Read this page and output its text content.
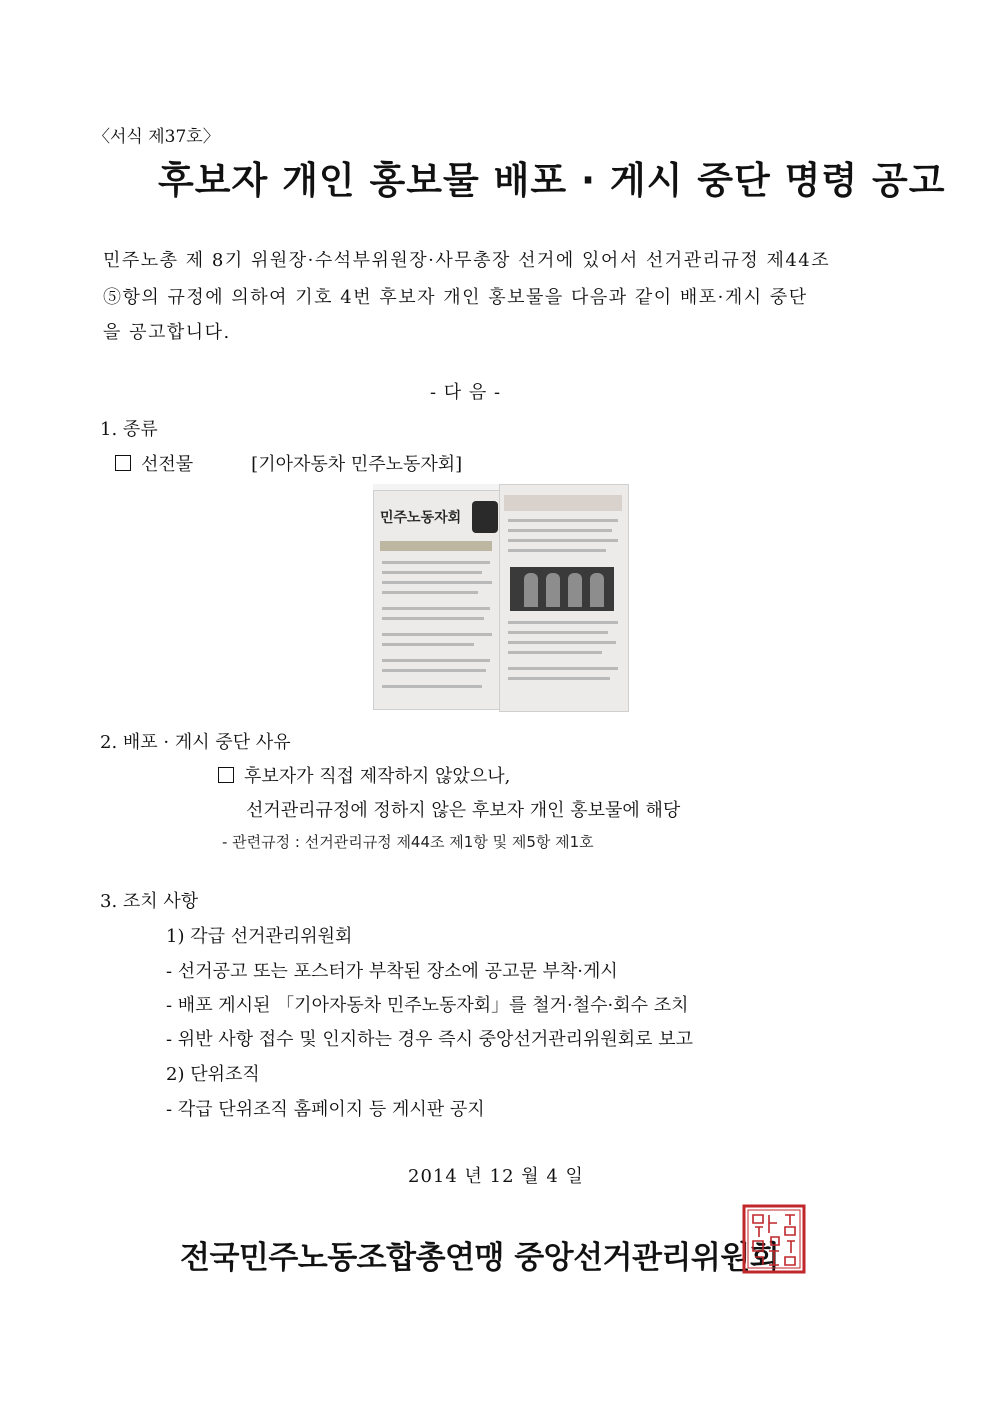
〈서식 제37호〉
후보자 개인 홍보물 배포 · 게시 중단 명령 공고
민주노총 제 8기 위원장·수석부위원장·사무총장 선거에 있어서 선거관리규정 제44조
⑤항의 규정에 의하여 기호 4번 후보자 개인 홍보물을 다음과 같이 배포·게시 중단
을 공고합니다.
- 다 음 -
1. 종류
선전물	[기아자동차 민주노동자회]
민주노동자회
2. 배포 · 게시 중단 사유
후보자가 직접 제작하지 않았으나,
선거관리규정에 정하지 않은 후보자 개인 홍보물에 해당
- 관련규정 : 선거관리규정 제44조 제1항 및 제5항 제1호
3. 조치 사항
1) 각급 선거관리위원회
- 선거공고 또는 포스터가 부착된 장소에 공고문 부착·게시
- 배포 게시된 「기아자동차 민주노동자회」를 철거·철수·회수 조치
- 위반 사항 접수 및 인지하는 경우 즉시 중앙선거관리위원회로 보고
2) 단위조직
- 각급 단위조직 홈페이지 등 게시판 공지
2014 년 12 월 4 일
전국민주노동조합총연맹 중앙선거관리위원회
